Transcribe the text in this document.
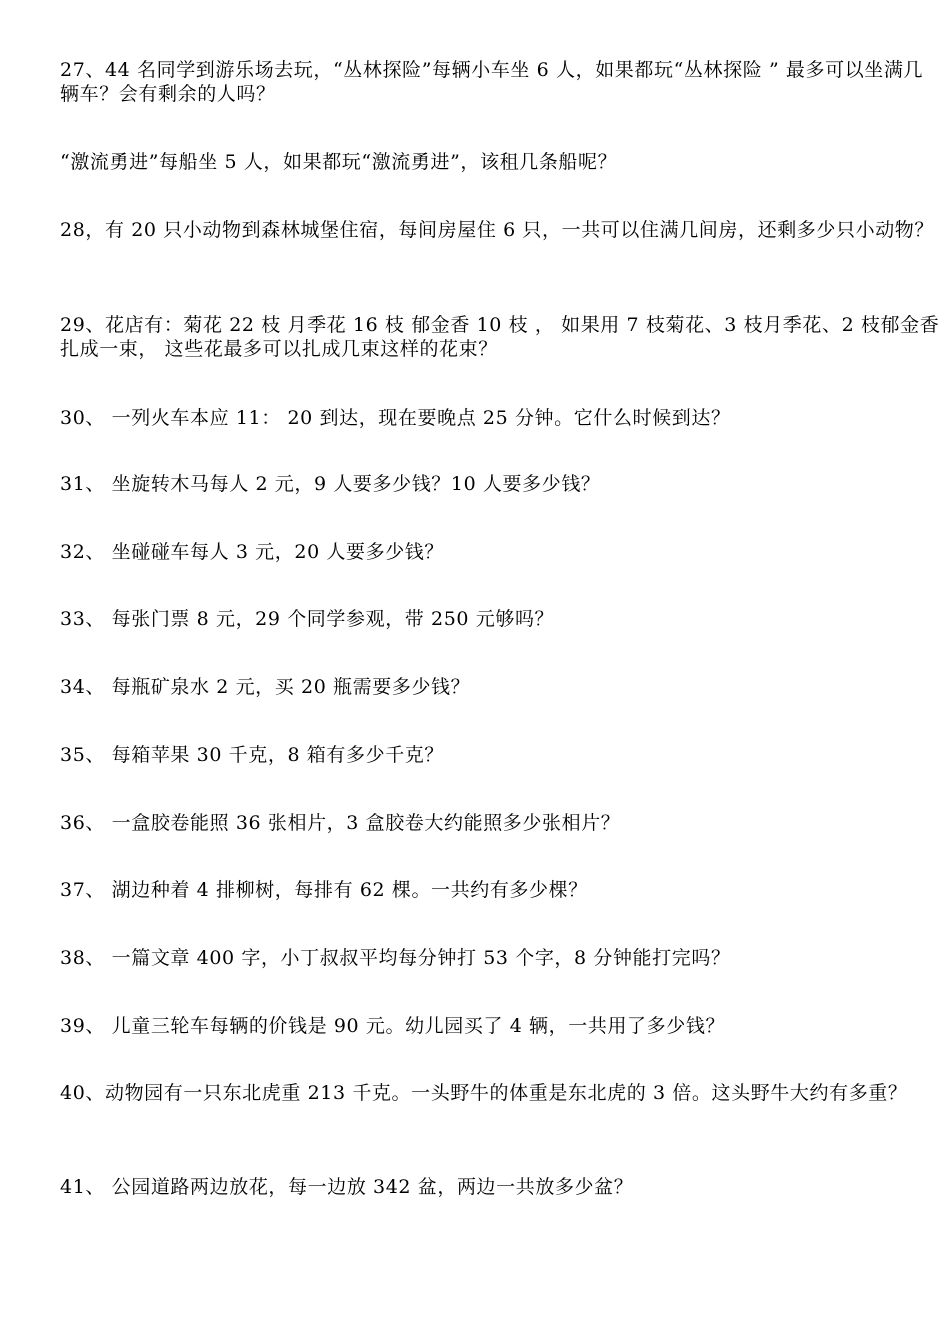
27、44 名同学到游乐场去玩，“丛林探险”每辆小车坐 6 人，如果都玩“丛林探险 ” 最多可以坐满几辆车？会有剩余的人吗？
“激流勇进”每船坐 5 人，如果都玩“激流勇进”，该租几条船呢？
28，有 20 只小动物到森林城堡住宿，每间房屋住 6 只，一共可以住满几间房，还剩多少只小动物？
29、花店有：菊花 22 枝 月季花 16 枝 郁金香 10 枝 ， 如果用 7 枝菊花、3 枝月季花、2 枝郁金香扎成一束， 这些花最多可以扎成几束这样的花束？
30、 一列火车本应 11： 20 到达，现在要晚点 25 分钟。它什么时候到达？
31、 坐旋转木马每人 2 元，9 人要多少钱？10 人要多少钱？
32、 坐碰碰车每人 3 元，20 人要多少钱？
33、 每张门票 8 元，29 个同学参观，带 250 元够吗？
34、 每瓶矿泉水 2 元，买 20 瓶需要多少钱？
35、 每箱苹果 30 千克，8 箱有多少千克？
36、 一盒胶卷能照 36 张相片，3 盒胶卷大约能照多少张相片？
37、 湖边种着 4 排柳树，每排有 62 棵。一共约有多少棵？
38、 一篇文章 400 字，小丁叔叔平均每分钟打 53 个字，8 分钟能打完吗？
39、 儿童三轮车每辆的价钱是 90 元。幼儿园买了 4 辆，一共用了多少钱？
40、动物园有一只东北虎重 213 千克。一头野牛的体重是东北虎的 3 倍。这头野牛大约有多重？
41、 公园道路两边放花，每一边放 342 盆，两边一共放多少盆？
